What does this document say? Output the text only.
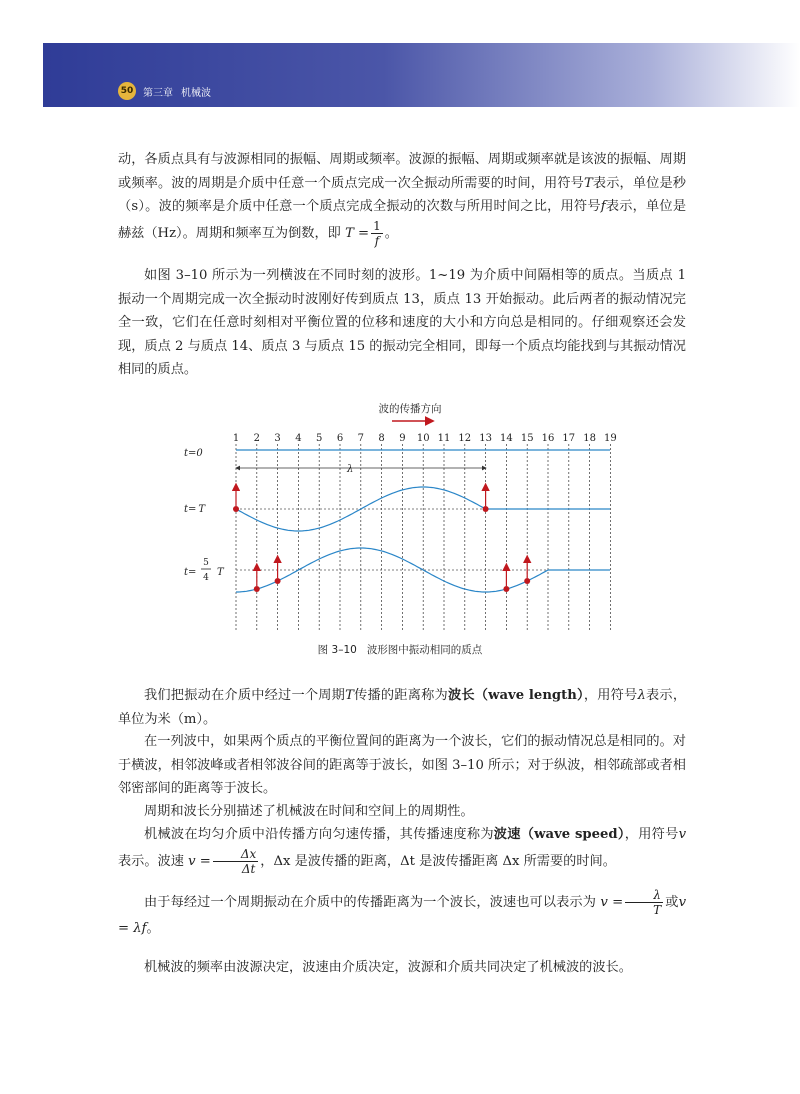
50 第三章 机械波

动，各质点具有与波源相同的振幅、周期或频率。波源的振幅、周期或频率就是该波的振幅、周期或频率。波的周期是介质中任意一个质点完成一次全振动所需要的时间，用符号T表示，单位是秒（s）。波的频率是介质中任意一个质点完成全振动的次数与所用时间之比，用符号f表示，单位是赫兹（Hz）。周期和频率互为倒数，即 $T = \frac{1}{f}$ 。

如图 3–10 所示为一列横波在不同时刻的波形。1~19 为介质中间隔相等的质点。当质点 1 振动一个周期完成一次全振动时波刚好传到质点 13，质点 13 开始振动。此后两者的振动情况完全一致，它们在任意时刻相对平衡位置的位移和速度的大小和方向总是相同的。仔细观察还会发现，质点 2 与质点 14、质点 3 与质点 15 的振动完全相同，即每一个质点均能找到与其振动情况相同的质点。

1 2 3 4 5 6 7 8 9 10 11 12 13 14 15 16 17 18 19
波的传播方向
t=0
t= T
t=
5
4 T
λ
图 3–10 波形图中振动相同的质点

我们把振动在介质中经过一个周期T传播的距离称为波长（wave length），用符号λ表示，单位为米（m）。

在一列波中，如果两个质点的平衡位置间的距离为一个波长，它们的振动情况总是相同的。对于横波，相邻波峰或者相邻波谷间的距离等于波长，如图 3–10 所示；对于纵波，相邻疏部或者相邻密部间的距离等于波长。

周期和波长分别描述了机械波在时间和空间上的周期性。

机械波在均匀介质中沿传播方向匀速传播，其传播速度称为波速（wave speed），用符号v表示。波速 $v = \frac{\Delta x}{\Delta t}$ ，Δx 是波传播的距离，Δt 是波传播距离 Δx 所需要的时间。

由于每经过一个周期振动在介质中的传播距离为一个波长，波速也可以表示为 $v = \frac{\lambda}{T}$ 或v = λf。

机械波的频率由波源决定，波速由介质决定，波源和介质共同决定了机械波的波长。
